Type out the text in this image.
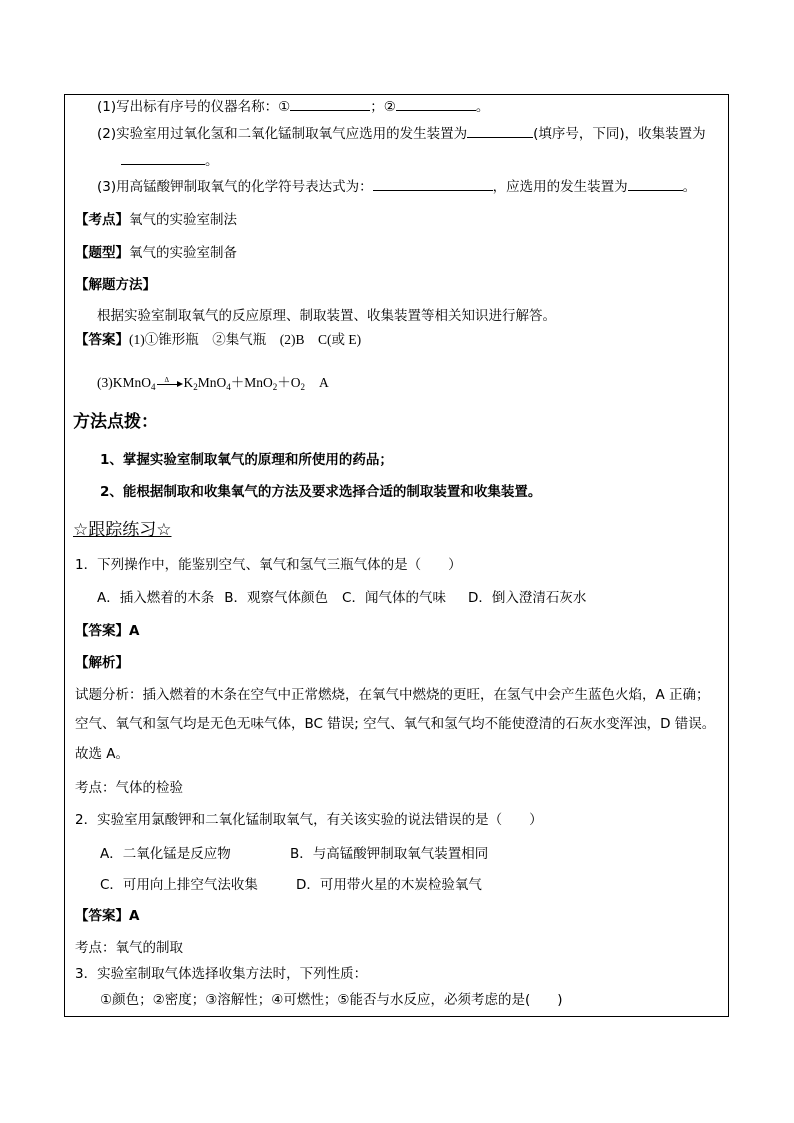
(1)写出标有序号的仪器名称：①	；②	。
(2)实验室用过氧化氢和二氧化锰制取氧气应选用的发生装置为	(填序号，下同)，收集装置为
。
(3)用高锰酸钾制取氧气的化学符号表达式为：	，应选用的发生装置为	。
【考点】氧气的实验室制法
【题型】氧气的实验室制备
【解题方法】
根据实验室制取氧气的反应原理、制取装置、收集装置等相关知识进行解答。
【答案】(1)①锥形瓶　②集气瓶　(2)B　C(或 E)
(3)KMnO$_4$
Δ $K_2MnO_4+MnO_2+O_2$ A
方法点拨：
1、掌握实验室制取氧气的原理和所使用的药品；
2、能根据制取和收集氧气的方法及要求选择合适的制取装置和收集装置。
☆跟踪练习☆
1．下列操作中，能鉴别空气、氧气和氢气三瓶气体的是（　　）
A．插入燃着的木条 B．观察气体颜色 C．闻气体的气味 D．倒入澄清石灰水
【答案】A
【解析】
试题分析：插入燃着的木条在空气中正常燃烧，在氧气中燃烧的更旺，在氢气中会产生蓝色火焰，A 正确；
空气、氧气和氢气均是无色无味气体，BC 错误; 空气、氧气和氢气均不能使澄清的石灰水变浑浊，D 错误。
故选 A。
考点：气体的检验
2．实验室用氯酸钾和二氧化锰制取氧气，有关该实验的说法错误的是（　　）
A．二氧化锰是反应物	B．与高锰酸钾制取氧气装置相同
C．可用向上排空气法收集	D．可用带火星的木炭检验氧气
【答案】A
考点：氧气的制取
3．实验室制取气体选择收集方法时，下列性质：
①颜色；②密度；③溶解性；④可燃性；⑤能否与水反应，必须考虑的是(　　)
